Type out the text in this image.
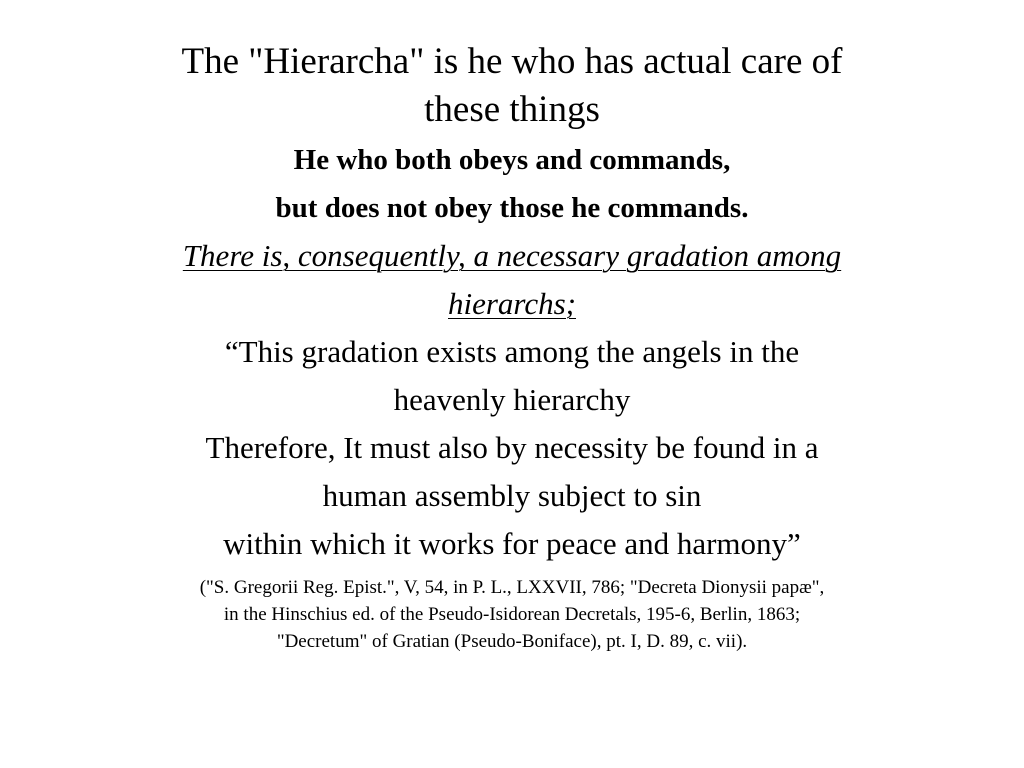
The "Hierarcha" is he who has actual care of
these things
He who both obeys and commands,
but does not obey those he commands.
There is, consequently, a necessary gradation among
hierarchs;
“This gradation exists among the angels in the
heavenly hierarchy
Therefore, It must also by necessity be found in a
human assembly subject to sin
within which it works for peace and harmony”
("S. Gregorii Reg. Epist.", V, 54, in P. L., LXXVII, 786; "Decreta Dionysii papæ",
in the Hinschius ed. of the Pseudo-Isidorean Decretals, 195-6, Berlin, 1863;
"Decretum" of Gratian (Pseudo-Boniface), pt. I, D. 89, c. vii).
